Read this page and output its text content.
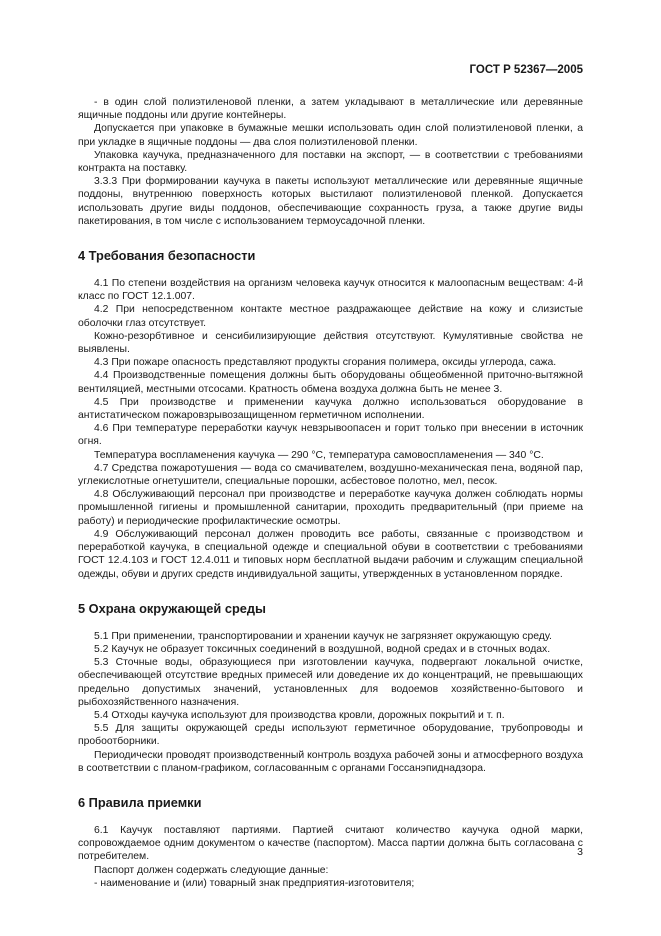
ГОСТ Р 52367—2005

- в один слой полиэтиленовой пленки, а затем укладывают в металлические или деревянные ящичные поддоны или другие контейнеры.

Допускается при упаковке в бумажные мешки использовать один слой полиэтиленовой пленки, а при укладке в ящичные поддоны — два слоя полиэтиленовой пленки.

Упаковка каучука, предназначенного для поставки на экспорт, — в соответствии с требованиями контракта на поставку.

3.3.3 При формировании каучука в пакеты используют металлические или деревянные ящичные поддоны, внутреннюю поверхность которых выстилают полиэтиленовой пленкой. Допускается использовать другие виды поддонов, обеспечивающие сохранность груза, а также другие виды пакетирования, в том числе с использованием термоусадочной пленки.

4 Требования безопасности

4.1 По степени воздействия на организм человека каучук относится к малоопасным веществам: 4-й класс по ГОСТ 12.1.007.

4.2 При непосредственном контакте местное раздражающее действие на кожу и слизистые оболочки глаз отсутствует.

Кожно-резорбтивное и сенсибилизирующие действия отсутствуют. Кумулятивные свойства не выявлены.

4.3 При пожаре опасность представляют продукты сгорания полимера, оксиды углерода, сажа.

4.4 Производственные помещения должны быть оборудованы общеобменной приточно-вытяжной вентиляцией, местными отсосами. Кратность обмена воздуха должна быть не менее 3.

4.5 При производстве и применении каучука должно использоваться оборудование в антистатическом пожаровзрывозащищенном герметичном исполнении.

4.6 При температуре переработки каучук невзрывоопасен и горит только при внесении в источник огня.

Температура воспламенения каучука — 290 °С, температура самовоспламенения — 340 °С.

4.7 Средства пожаротушения — вода со смачивателем, воздушно-механическая пена, водяной пар, углекислотные огнетушители, специальные порошки, асбестовое полотно, мел, песок.

4.8 Обслуживающий персонал при производстве и переработке каучука должен соблюдать нормы промышленной гигиены и промышленной санитарии, проходить предварительный (при приеме на работу) и периодические профилактические осмотры.

4.9 Обслуживающий персонал должен проводить все работы, связанные с производством и переработкой каучука, в специальной одежде и специальной обуви в соответствии с требованиями ГОСТ 12.4.103 и ГОСТ 12.4.011 и типовых норм бесплатной выдачи рабочим и служащим специальной одежды, обуви и других средств индивидуальной защиты, утвержденных в установленном порядке.

5 Охрана окружающей среды

5.1 При применении, транспортировании и хранении каучук не загрязняет окружающую среду.

5.2 Каучук не образует токсичных соединений в воздушной, водной средах и в сточных водах.

5.3 Сточные воды, образующиеся при изготовлении каучука, подвергают локальной очистке, обеспечивающей отсутствие вредных примесей или доведение их до концентраций, не превышающих предельно допустимых значений, установленных для водоемов хозяйственно-бытового и рыбохозяйственного назначения.

5.4 Отходы каучука используют для производства кровли, дорожных покрытий и т. п.

5.5 Для защиты окружающей среды используют герметичное оборудование, трубопроводы и пробоотборники.

Периодически проводят производственный контроль воздуха рабочей зоны и атмосферного воздуха в соответствии с планом-графиком, согласованным с органами Госсанэпиднадзора.

6 Правила приемки

6.1 Каучук поставляют партиями. Партией считают количество каучука одной марки, сопровождаемое одним документом о качестве (паспортом). Масса партии должна быть согласована с потребителем.

Паспорт должен содержать следующие данные:

- наименование и (или) товарный знак предприятия-изготовителя;

3
